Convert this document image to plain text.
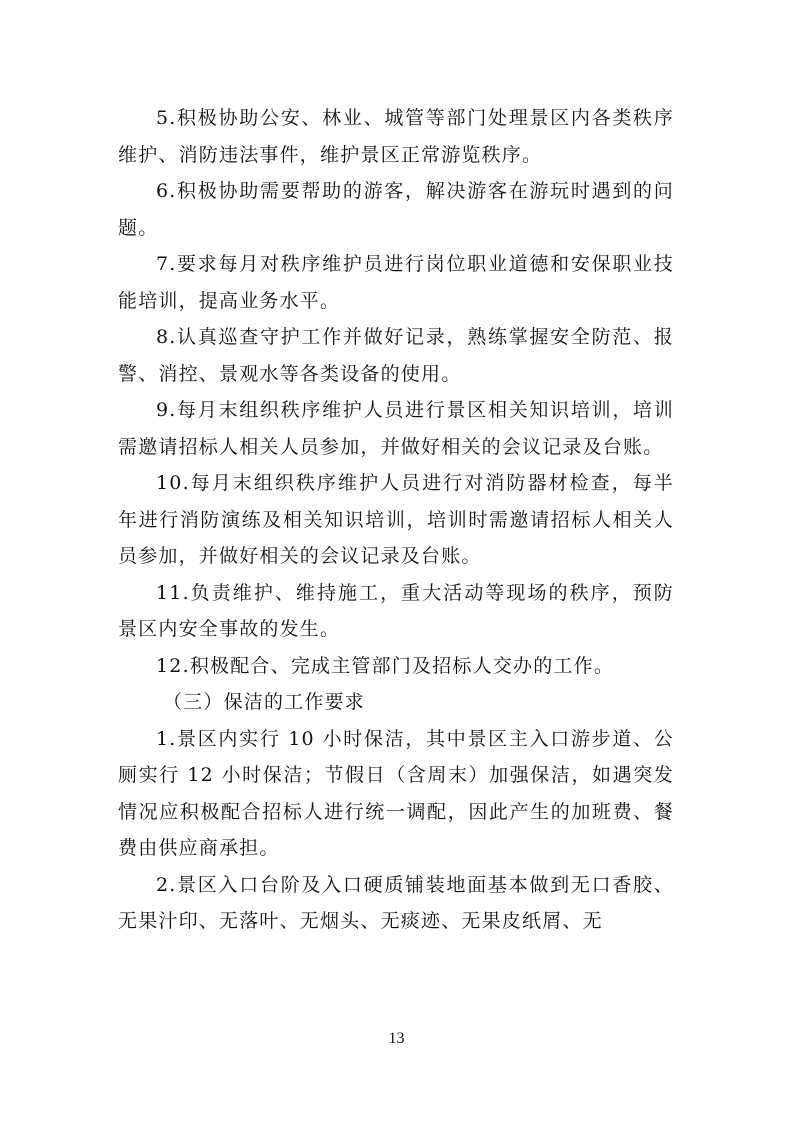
5.积极协助公安、林业、城管等部门处理景区内各类秩序维护、消防违法事件，维护景区正常游览秩序。

6.积极协助需要帮助的游客，解决游客在游玩时遇到的问题。

7.要求每月对秩序维护员进行岗位职业道德和安保职业技能培训，提高业务水平。

8.认真巡查守护工作并做好记录，熟练掌握安全防范、报警、消控、景观水等各类设备的使用。

9.每月末组织秩序维护人员进行景区相关知识培训，培训需邀请招标人相关人员参加，并做好相关的会议记录及台账。

10.每月末组织秩序维护人员进行对消防器材检查，每半年进行消防演练及相关知识培训，培训时需邀请招标人相关人员参加，并做好相关的会议记录及台账。

11.负责维护、维持施工，重大活动等现场的秩序，预防景区内安全事故的发生。

12.积极配合、完成主管部门及招标人交办的工作。

（三）保洁的工作要求

1.景区内实行 10 小时保洁，其中景区主入口游步道、公厕实行 12 小时保洁；节假日（含周末）加强保洁，如遇突发情况应积极配合招标人进行统一调配，因此产生的加班费、餐费由供应商承担。

2.景区入口台阶及入口硬质铺装地面基本做到无口香胶、无果汁印、无落叶、无烟头、无痰迹、无果皮纸屑、无

13
